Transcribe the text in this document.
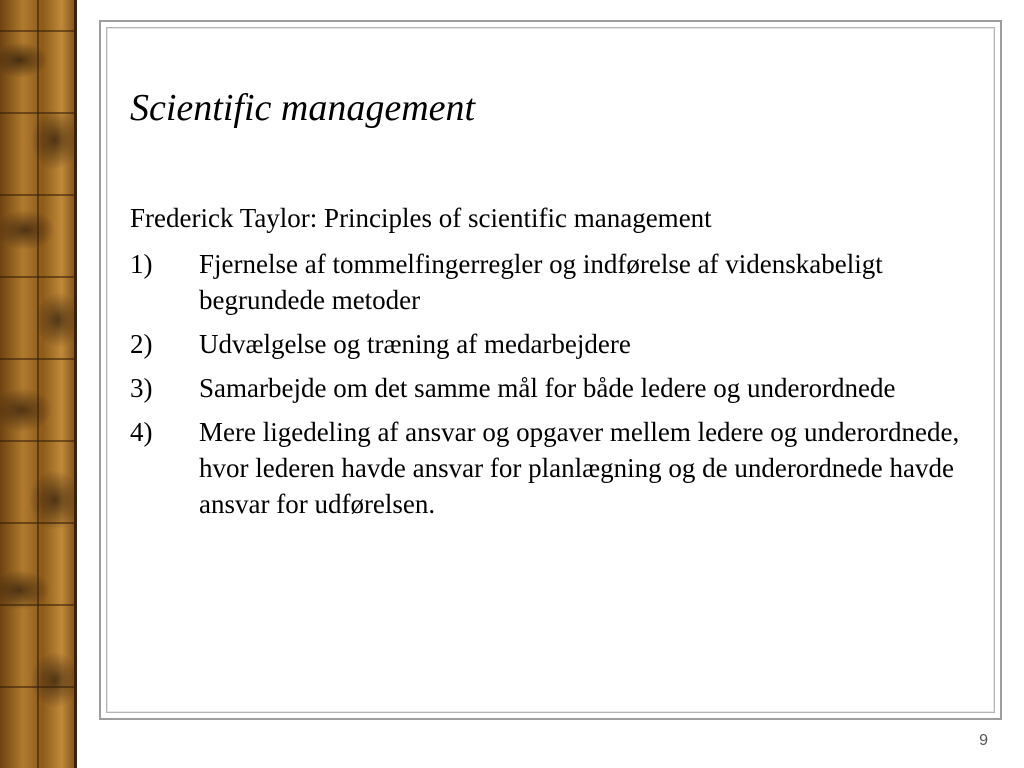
Scientific management

Frederick Taylor: Principles of scientific management

1)	Fjernelse af tommelfingerregler og indførelse af videnskabeligt begrundede metoder
2)	Udvælgelse og træning af medarbejdere
3)	Samarbejde om det samme mål for både ledere og underordnede
4)	Mere ligedeling af ansvar og opgaver mellem ledere og underordnede, hvor lederen havde ansvar for planlægning og de underordnede havde ansvar for udførelsen.
9
